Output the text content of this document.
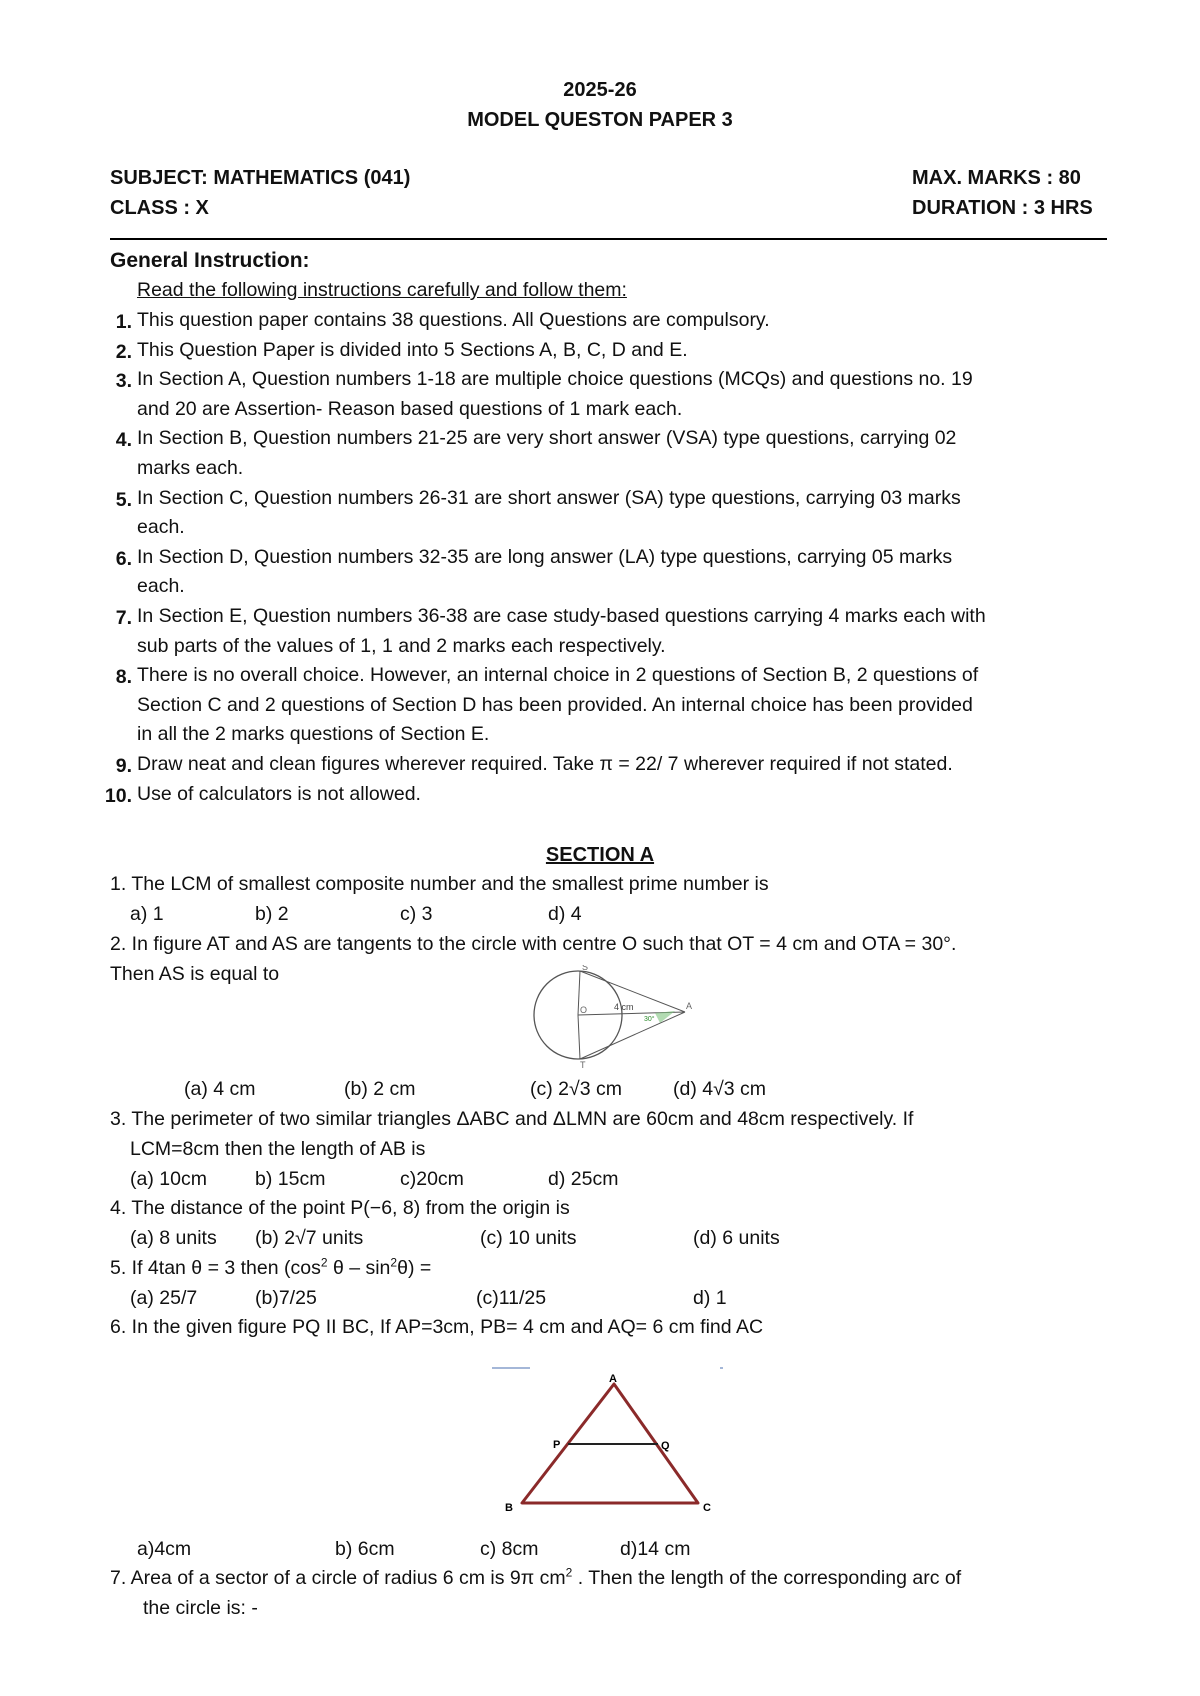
2025-26
MODEL QUESTON PAPER 3
SUBJECT: MATHEMATICS (041)
CLASS : X
MAX. MARKS : 80
DURATION : 3 HRS
General Instruction:
Read the following instructions carefully and follow them:
1. This question paper contains 38 questions. All Questions are compulsory.
2. This Question Paper is divided into 5 Sections A, B, C, D and E.
3. In Section A, Question numbers 1-18 are multiple choice questions (MCQs) and questions no. 19
and 20 are Assertion- Reason based questions of 1 mark each.
4. In Section B, Question numbers 21-25 are very short answer (VSA) type questions, carrying 02
marks each.
5. In Section C, Question numbers 26-31 are short answer (SA) type questions, carrying 03 marks
each.
6. In Section D, Question numbers 32-35 are long answer (LA) type questions, carrying 05 marks
each.
7. In Section E, Question numbers 36-38 are case study-based questions carrying 4 marks each with
sub parts of the values of 1, 1 and 2 marks each respectively.
8. There is no overall choice. However, an internal choice in 2 questions of Section B, 2 questions of
Section C and 2 questions of Section D has been provided. An internal choice has been provided
in all the 2 marks questions of Section E.
9. Draw neat and clean figures wherever required. Take π = 22/ 7 wherever required if not stated.
10. Use of calculators is not allowed.
SECTION A
1. The LCM of smallest composite number and the smallest prime number is
a) 1	b) 2	c) 3	d) 4
2. In figure AT and AS are tangents to the circle with centre O such that OT = 4 cm and OTA = 30°.
Then AS is equal to	S
O	4 cm
30°
A
T
(a) 4 cm	(b) 2 cm	(c) 2√3 cm	(d) 4√3 cm
3. The perimeter of two similar triangles ΔABC and ΔLMN are 60cm and 48cm respectively. If
LCM=8cm then the length of AB is
(a) 10cm b) 15cm	c)20cm	d) 25cm
4. The distance of the point P(−6, 8) from the origin is
(a) 8 units (b) 2√7 units	(c) 10 units	(d) 6 units
5. If 4tan θ = 3 then ($\cos^2$ θ – $\sin^2\theta$) =
(a) 25/7	(b)7/25	(c)11/25	d) 1
6. In the given figure PQ II BC, If AP=3cm, PB= 4 cm and AQ= 6 cm find AC
A
P	Q
B	C
a)4cm	b) 6cm	c) 8cm	d)14 cm
7. Area of a sector of a circle of radius 6 cm is 9π $cm^2$ . Then the length of the corresponding arc of
the circle is: -
